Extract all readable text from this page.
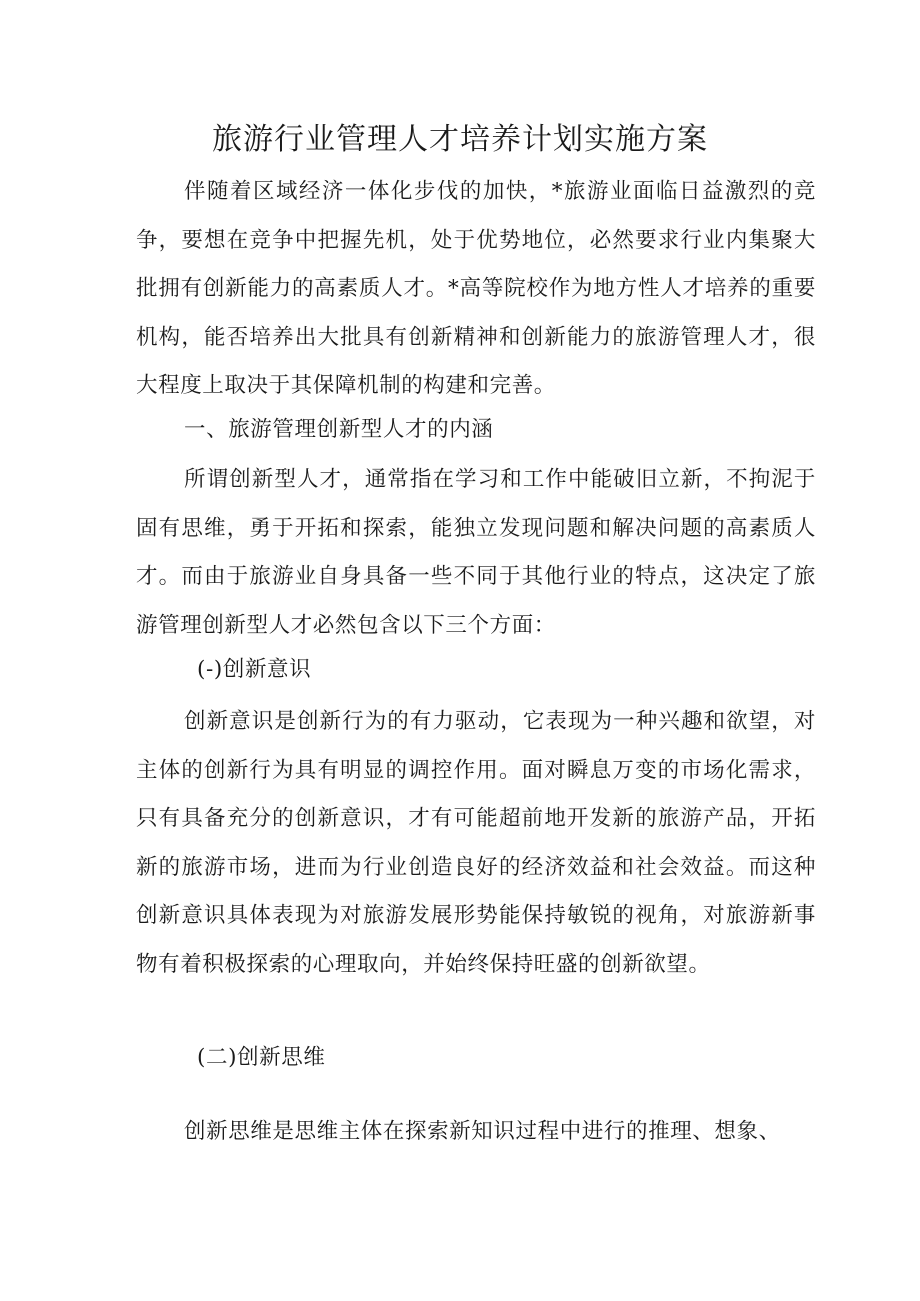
旅游行业管理人才培养计划实施方案

伴随着区域经济一体化步伐的加快，*旅游业面临日益激烈的竞争，要想在竞争中把握先机，处于优势地位，必然要求行业内集聚大批拥有创新能力的高素质人才。*高等院校作为地方性人才培养的重要机构，能否培养出大批具有创新精神和创新能力的旅游管理人才，很大程度上取决于其保障机制的构建和完善。

一、旅游管理创新型人才的内涵

所谓创新型人才，通常指在学习和工作中能破旧立新，不拘泥于固有思维，勇于开拓和探索，能独立发现问题和解决问题的高素质人才。而由于旅游业自身具备一些不同于其他行业的特点，这决定了旅游管理创新型人才必然包含以下三个方面：

(-)创新意识

创新意识是创新行为的有力驱动，它表现为一种兴趣和欲望，对主体的创新行为具有明显的调控作用。面对瞬息万变的市场化需求，只有具备充分的创新意识，才有可能超前地开发新的旅游产品，开拓新的旅游市场，进而为行业创造良好的经济效益和社会效益。而这种创新意识具体表现为对旅游发展形势能保持敏锐的视角，对旅游新事物有着积极探索的心理取向，并始终保持旺盛的创新欲望。

(二)创新思维

创新思维是思维主体在探索新知识过程中进行的推理、想象、
